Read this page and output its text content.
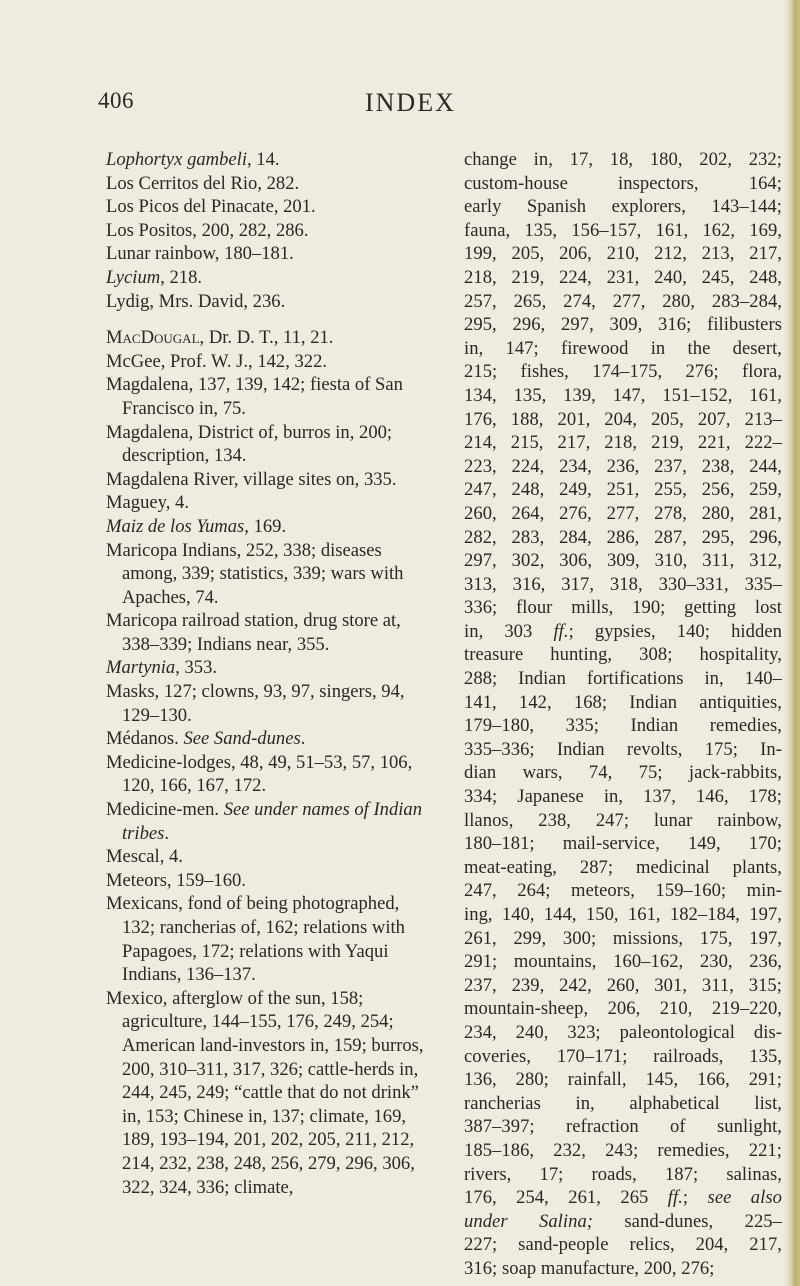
406	INDEX

Lophortyx gambeli, 14.

Los Cerritos del Rio, 282.

Los Picos del Pinacate, 201.

Los Positos, 200, 282, 286.

Lunar rainbow, 180–181.

Lycium, 218.

Lydig, Mrs. David, 236.

MacDougal, Dr. D. T., 11, 21.

McGee, Prof. W. J., 142, 322.

Magdalena, 137, 139, 142; fiesta of San Francisco in, 75.

Magdalena, District of, burros in, 200; description, 134.

Magdalena River, village sites on, 335.

Maguey, 4.

Maiz de los Yumas, 169.

Maricopa Indians, 252, 338; diseases among, 339; statistics, 339; wars with Apaches, 74.

Maricopa railroad station, drug store at, 338–339; Indians near, 355.

Martynia, 353.

Masks, 127; clowns, 93, 97, singers, 94, 129–130.

Médanos. See Sand-dunes.

Medicine-lodges, 48, 49, 51–53, 57, 106, 120, 166, 167, 172.

Medicine-men. See under names of Indian tribes.

Mescal, 4.

Meteors, 159–160.

Mexicans, fond of being photographed, 132; rancherias of, 162; relations with Papagoes, 172; relations with Yaqui Indians, 136–137.

Mexico, afterglow of the sun, 158; agriculture, 144–155, 176, 249, 254; American land-investors in, 159; burros, 200, 310–311, 317, 326; cattle-herds in, 244, 245, 249; “cattle that do not drink” in, 153; Chinese in, 137; climate, 169, 189, 193–194, 201, 202, 205, 211, 212, 214, 232, 238, 248, 256, 279, 296, 306, 322, 324, 336; climate,

change in, 17, 18, 180, 202, 232;
custom-house inspectors, 164;
early Spanish explorers, 143–144;
fauna, 135, 156–157, 161, 162, 169,
199, 205, 206, 210, 212, 213, 217,
218, 219, 224, 231, 240, 245, 248,
257, 265, 274, 277, 280, 283–284,
295, 296, 297, 309, 316; filibusters
in, 147; firewood in the desert,
215; fishes, 174–175, 276; flora,
134, 135, 139, 147, 151–152, 161,
176, 188, 201, 204, 205, 207, 213–
214, 215, 217, 218, 219, 221, 222–
223, 224, 234, 236, 237, 238, 244,
247, 248, 249, 251, 255, 256, 259,
260, 264, 276, 277, 278, 280, 281,
282, 283, 284, 286, 287, 295, 296,
297, 302, 306, 309, 310, 311, 312,
313, 316, 317, 318, 330–331, 335–
336; flour mills, 190; getting lost
in, 303 ff.; gypsies, 140; hidden
treasure hunting, 308; hospitality,
288; Indian fortifications in, 140–
141, 142, 168; Indian antiquities,
179–180, 335; Indian remedies,
335–336; Indian revolts, 175; In-
dian wars, 74, 75; jack-rabbits,
334; Japanese in, 137, 146, 178;
llanos, 238, 247; lunar rainbow,
180–181; mail-service, 149, 170;
meat-eating, 287; medicinal plants,
247, 264; meteors, 159–160; min-
ing, 140, 144, 150, 161, 182–184, 197,
261, 299, 300; missions, 175, 197,
291; mountains, 160–162, 230, 236,
237, 239, 242, 260, 301, 311, 315;
mountain-sheep, 206, 210, 219–220,
234, 240, 323; paleontological dis-
coveries, 170–171; railroads, 135,
136, 280; rainfall, 145, 166, 291;
rancherias in, alphabetical list,
387–397; refraction of sunlight,
185–186, 232, 243; remedies, 221;
rivers, 17; roads, 187; salinas,
176, 254, 261, 265 ff.; see also
under Salina; sand-dunes, 225–
227; sand-people relics, 204, 217,
316; soap manufacture, 200, 276;
